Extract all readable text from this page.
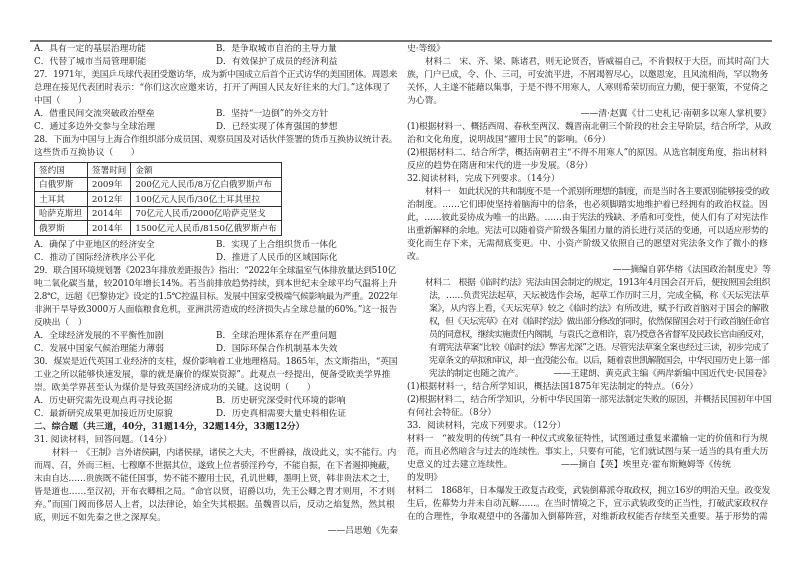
A．具有一定的基层治理功能	B．是争取城市自治的主导力量
C．代替了城市当局管理职能	D．有效保护了成员的经济利益
27．1971年，美国乒乓球代表团受邀访华，成为新中国成立后首个正式访华的美国团体。周恩来
总理在接见代表团时表示：“你们这次应邀来访，打开了两国人民友好往来的大门。”这体现了
中国（　　）
A．借重民间交流突破政治壁垒	B．坚持“一边倒”的外交方针
C．通过多边外交参与全球治理	D．已经实现了体育强国的梦想
28．下面为中国与上海合作组织部分成员国、观察员国及对话伙伴签署的货币互换协议统计表。
这些货币互换协议（　　）
签约国	签署时间	金额
白俄罗斯	2009年	200亿元人民币/8万亿白俄罗斯卢布
土耳其	2012年	100亿元人民币/30亿土耳其里拉
哈萨克斯坦	2014年	70亿元人民币/2000亿哈萨克坚戈
俄罗斯	2014年	1500亿元人民币/8150亿俄罗斯卢布
A．确保了中亚地区的经济安全	B．实现了上合组织货币一体化
C．推动了国际经济秩序公平化	D．推进了人民币的区域国际化
29．联合国环境规划署《2023年排放差距报告》指出：“2022年全球温室气体排放量达到510亿
吨二氧化碳当量，较2010年增长14%。若当前排放趋势持续，到本世纪末全球平均气温将上升
2.8℃，远超《巴黎协定》设定的1.5℃控温目标。发展中国家受极端气候影响最为严重。2022年
非洲干旱导致3000万人面临粮食危机，亚洲洪涝造成的经济损失占全球总量的60%。”这一报告
反映出（　）
A．全球经济发展的不平衡性加剧	B．全球治理体系存在严重问题
C．发展中国家气候治理能力薄弱	D．国际环保合作机制基本失效
30．煤炭是近代英国工业经济的支柱，煤价影响着工业地理格局。1865年，杰文斯指出，“英国
工业之所以能够快速发展，靠的就是廉价的煤炭资源”。此观点一经提出，便备受欧美学界推
崇。欧美学界甚至认为煤价是导致英国经济成功的关键。这说明（　　）
A．历史研究需先设观点再寻找论据	B．历史研究深受时代环境的影响
C．最新研究成果更加接近历史原貌	D．历史真相需要大量史料相佐证
二、综合题（共三道，40分，31题14分，32题14分，33题12分）
31. 阅读材料，回答问题。（14分）
材料一　《王制》言外诸侯嗣，内诸侯禄，诸侯之大夫，不世爵禄，战设此义，实不能行。内
而周、召，外而三桓、七穆靡不世据其位，遂致上位者骄淫矜夸，不能自振，在下者遏抑掩蔽，
末由自达……贵族既不能任国事，势不能不擢用士民，孔讥世卿，墨明上贤，韩非贵法术之士，
皆是道也……至汉初，开布衣卿相之局。“命官以贤，诏爵以功，先王公卿之胄才则用，不才则
弃。”而国门阀而侈居人上者，以法律论，始全失其根据。虽魏晋以后，反动之焰复然，然其根
底，则远不如先秦之世之深厚矣。
——吕思勉《先秦
史·等级》
材料二　宋、齐、梁、陈诸君，则无论贤否，皆威福自己，不肯假权于大臣，而其时高门大
族，门户已成，令、仆、三司，可安流平进，不屑竭智尽心，以邀恩宠，且风流相尚，罕以物务
关怀，人主遂不能藉以集事，于是不得不用寒人，人寒则希荣切而宣力勤，便于驱策，不觉倚之
为心膂。
——清·赵翼《廿二史札记·南朝多以寒人掌机要》
(1)根据材料一、概括西周、春秋至两汉、魏晋南北朝三个阶段的社会主导阶层，结合所学，从政
治和文化角度，说明战国“擢用士民”的影响。（6分）
(2)根据材料二、结合所学，概括南朝君主“不得不用寒人”的原因。从选官制度角度，指出材料
反应的趋势在隋唐和宋代的进一步发展。（8分）
32.阅读材料，完成下列要求。（14分）
材料一　如此状况的共和制度不是一个派别所理想的制度，而是当时各主要派别能够接受的政
治制度。……它们即使坚持着脑海中的信条，也必须脚踏实地维护着已经拥有的政治权益。因
此，……彼此妥协成为唯一的出路。……由于宪法的残缺、矛盾和可变性，使人们有了对宪法作
出重新解释的余地。宪法可以随着资产阶级各集团力量的消长进行灵活的变通，可以适应形势的
变化而生存下来，无需彻底变更。中、小资产阶级又依照自己的愿望对宪法条文作了微小的修
改。
——摘编自郭华榕《法国政治制度史》等
材料二　根据《临时约法》宪法由国会制定的规定，1913年4月国会召开后，便按照国会组织
法，……负责宪法起草，天坛被选作会场，起草工作历时三月，完成全稿，称《天坛宪法草
案》，从内容上看，《天坛宪草》较之《临时约法》有所改进，赋予行政首脑对于国会的解散
权，但《天坛宪草》在对《临时约法》做出部分修改的同时，依然保留国会对于行政首脑任命官
员的同意权，继续实施责任内阁制，与袁氏之意相许，袁乃授意各省督军及民政长官由函反对，
有谓宪法草案“比较《临时约法》弊害尤深”之语。尽管宪法草案全案也经过三读，初步完成了
宪章条文的草拟和审议，却一直没能公布。以后，随着袁世凯解散国会，中华民国历史上第一部
宪法的制定也随之流产。　　　　——王建朗、黄克武主编《两岸新编中国近代史·民国卷》
(1)根据材料一，结合所学知识，概括法国1875年宪法制定的特点。（6分）
(2)根据材料二，结合所学知识，分析中华民国第一部宪法制定失败的原因，并概括民国初年中国
有何社会特征。（8分）
33．阅读材料，完成下列要求。（12分）
材料一　“被发明的传统”具有一种仪式或象征特性，试图通过重复来灌输一定的价值和行为规
范，而且必然暗含与过去的连续性。事实上，只要有可能，它们就试图与某一适当的具有重大历
史意义的过去建立连续性。　　　　　　——摘自【英】埃里克·霍布斯鲍姆等《传统
的发明》
材料二　1868年，日本爆发王政复古政变，武装倒幕派夺取政权，拥立16岁的明治天皇。政变发
生后，佐幕势力并未自动瓦解……。在当时情境之下，宣示武装政变的正当性，打破武家政权存
在的合理性，争取观望中的各藩加入倒幕阵营，对维新政权能否存续至关重要。基于形势的需
